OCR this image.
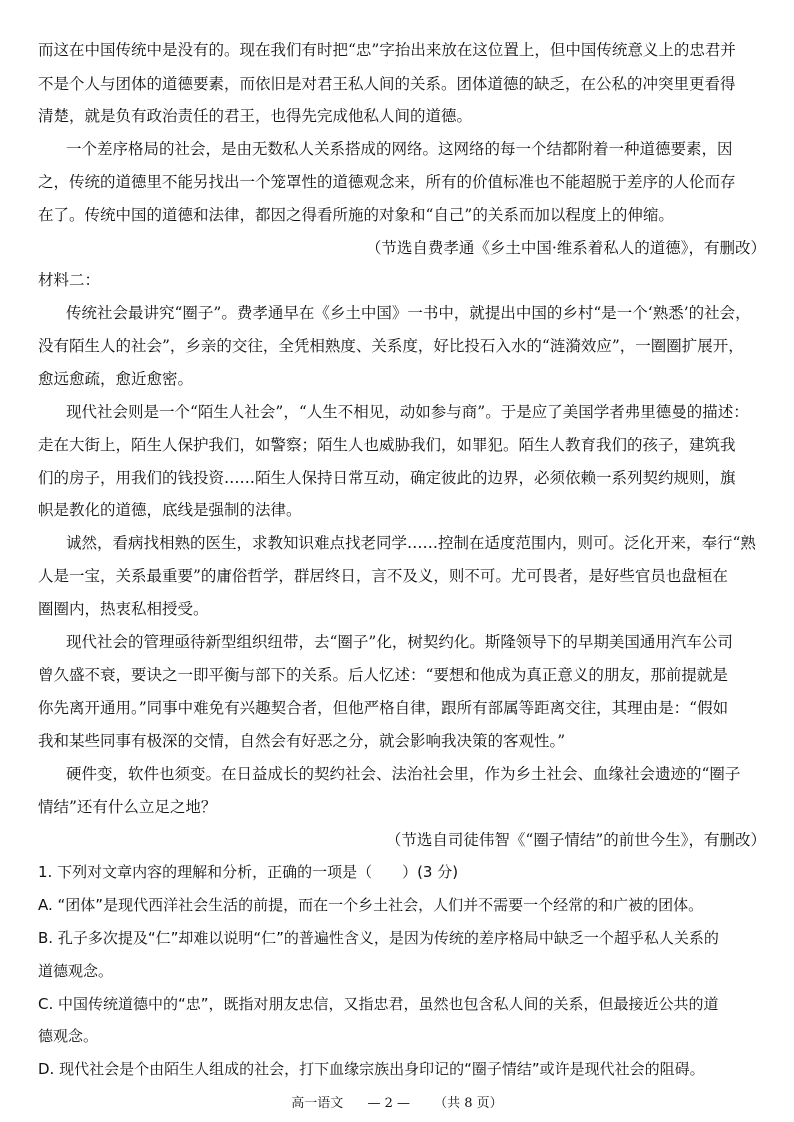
而这在中国传统中是没有的。现在我们有时把“忠”字抬出来放在这位置上，但中国传统意义上的忠君并
不是个人与团体的道德要素，而依旧是对君王私人间的关系。团体道德的缺乏，在公私的冲突里更看得
清楚，就是负有政治责任的君王，也得先完成他私人间的道德。
一个差序格局的社会，是由无数私人关系搭成的网络。这网络的每一个结都附着一种道德要素，因
之，传统的道德里不能另找出一个笼罩性的道德观念来，所有的价值标准也不能超脱于差序的人伦而存
在了。传统中国的道德和法律，都因之得看所施的对象和“自己”的关系而加以程度上的伸缩。
（节选自费孝通《乡土中国·维系着私人的道德》，有删改）
材料二：
传统社会最讲究“圈子”。费孝通早在《乡土中国》一书中，就提出中国的乡村“是一个‘熟悉’的社会，
没有陌生人的社会”，乡亲的交往，全凭相熟度、关系度，好比投石入水的“涟漪效应”，一圈圈扩展开，
愈远愈疏，愈近愈密。
现代社会则是一个“陌生人社会”，“人生不相见，动如参与商”。于是应了美国学者弗里德曼的描述：
走在大街上，陌生人保护我们，如警察；陌生人也威胁我们，如罪犯。陌生人教育我们的孩子，建筑我
们的房子，用我们的钱投资……陌生人保持日常互动，确定彼此的边界，必须依赖一系列契约规则，旗
帜是教化的道德，底线是强制的法律。
诚然，看病找相熟的医生，求教知识难点找老同学……控制在适度范围内，则可。泛化开来，奉行“熟
人是一宝，关系最重要”的庸俗哲学，群居终日，言不及义，则不可。尤可畏者，是好些官员也盘桓在
圈圈内，热衷私相授受。
现代社会的管理亟待新型组织纽带，去“圈子”化，树契约化。斯隆领导下的早期美国通用汽车公司
曾久盛不衰，要诀之一即平衡与部下的关系。后人忆述：“要想和他成为真正意义的朋友，那前提就是
你先离开通用。”同事中难免有兴趣契合者，但他严格自律，跟所有部属等距离交往，其理由是：“假如
我和某些同事有极深的交情，自然会有好恶之分，就会影响我决策的客观性。”
硬件变，软件也须变。在日益成长的契约社会、法治社会里，作为乡土社会、血缘社会遗迹的“圈子
情结”还有什么立足之地？
（节选自司徒伟智《“圈子情结”的前世今生》，有删改）
1. 下列对文章内容的理解和分析，正确的一项是（　　）(3 分)
A. “团体”是现代西洋社会生活的前提，而在一个乡土社会，人们并不需要一个经常的和广被的团体。
B. 孔子多次提及“仁”却难以说明“仁”的普遍性含义，是因为传统的差序格局中缺乏一个超乎私人关系的
道德观念。
C. 中国传统道德中的“忠”，既指对朋友忠信，又指忠君，虽然也包含私人间的关系，但最接近公共的道
德观念。
D. 现代社会是个由陌生人组成的社会，打下血缘宗族出身印记的“圈子情结”或许是现代社会的阻碍。
高一语文 — 2 — （共 8 页）
